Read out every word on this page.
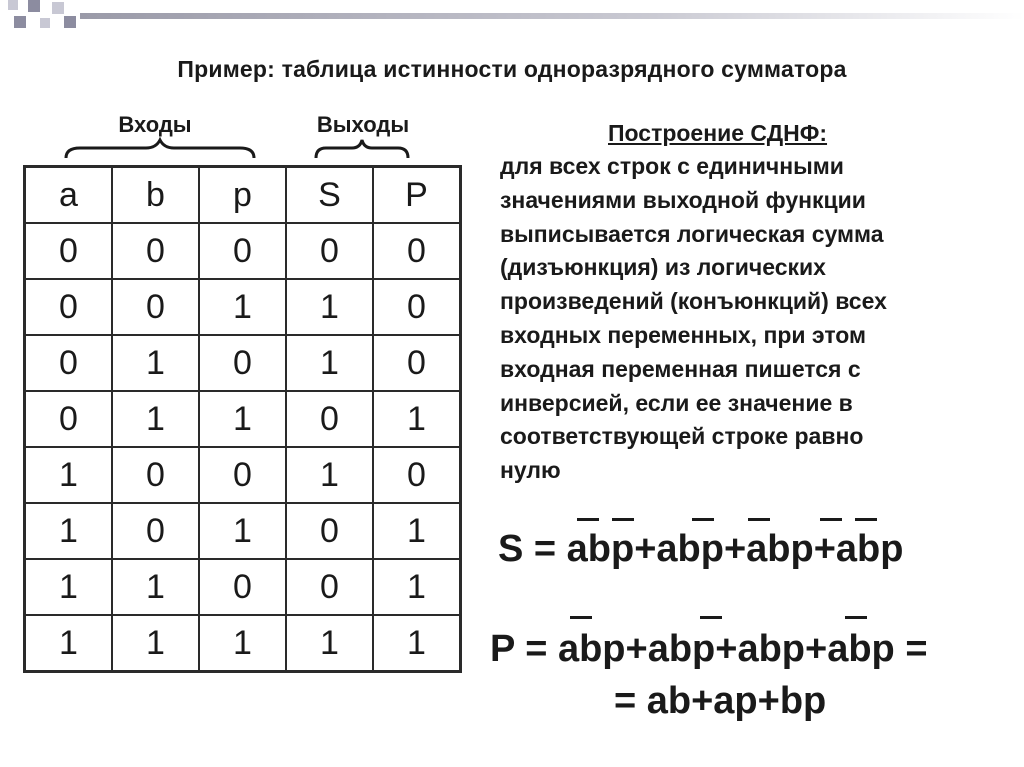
Пример: таблица истинности одноразрядного сумматора
Входы	Выходы
a	b	p	S	P
0	0	0	0	0
0	0	1	1	0
0	1	0	1	0
0	1	1	0	1
1	0	0	1	0
1	0	1	0	1
1	1	0	0	1
1	1	1	1	1
Построение СДНФ:
для всех строк с единичными
значениями выходной функции
выписывается логическая сумма
(дизъюнкция) из логических
произведений (конъюнкций) всех
входных переменных, при этом
входная переменная пишется с
инверсией, если ее значение в
соответствующей строке равно
нулю
S = abp+abp+abp+abp
P = abp+abp+abp+abp =
= ab+ap+bp
